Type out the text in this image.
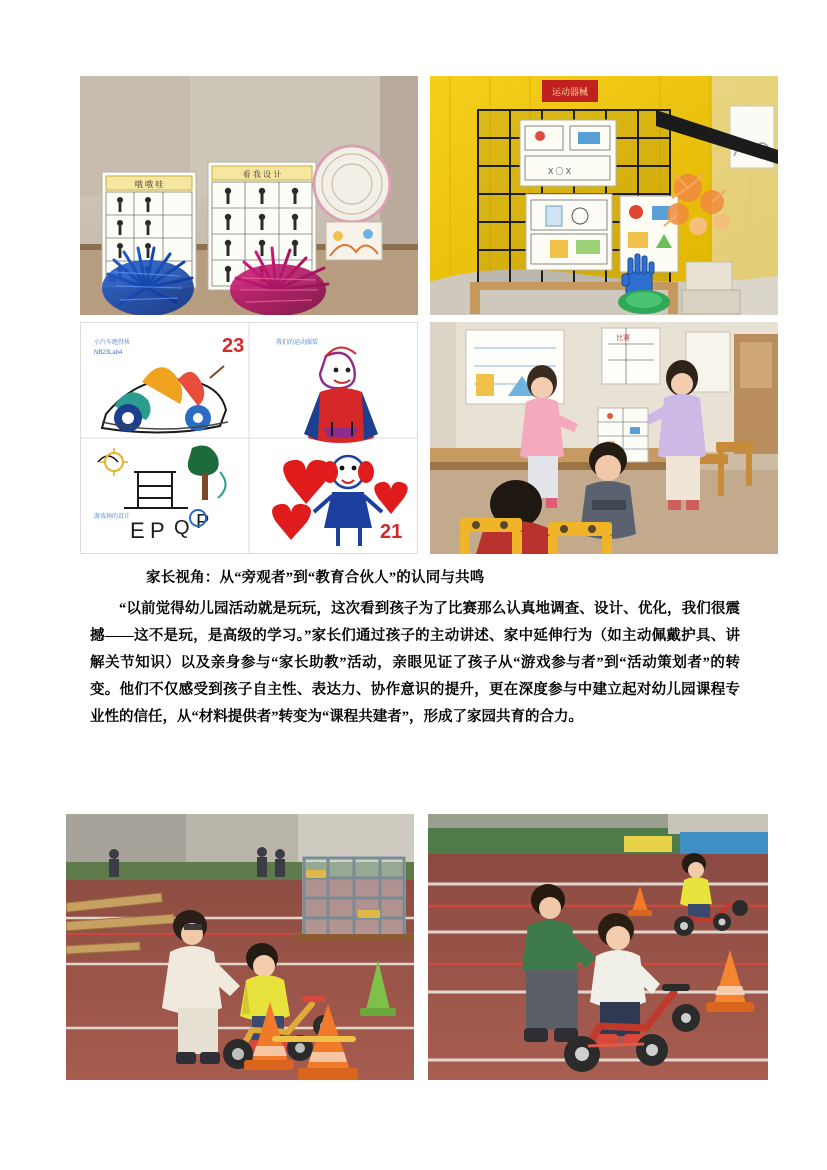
哦 哦 哇
看 我 设 计
运动器械
X 〇 X
小汽车跑得快
NB23Lab4	23	我们的运动服装
E P Q P
游戏场的设计
21
比赛
家长视角：从“旁观者”到“教育合伙人”的认同与共鸣
“以前觉得幼儿园活动就是玩玩，这次看到孩子为了比赛那么认真地调查、设计、优化，我们很震撼——这不是玩，是高级的学习。”家长们通过孩子的主动讲述、家中延伸行为（如主动佩戴护具、讲解关节知识）以及亲身参与“家长助教”活动，亲眼见证了孩子从“游戏参与者”到“活动策划者”的转变。他们不仅感受到孩子自主性、表达力、协作意识的提升，更在深度参与中建立起对幼儿园课程专业性的信任，从“材料提供者”转变为“课程共建者”，形成了家园共育的合力。
